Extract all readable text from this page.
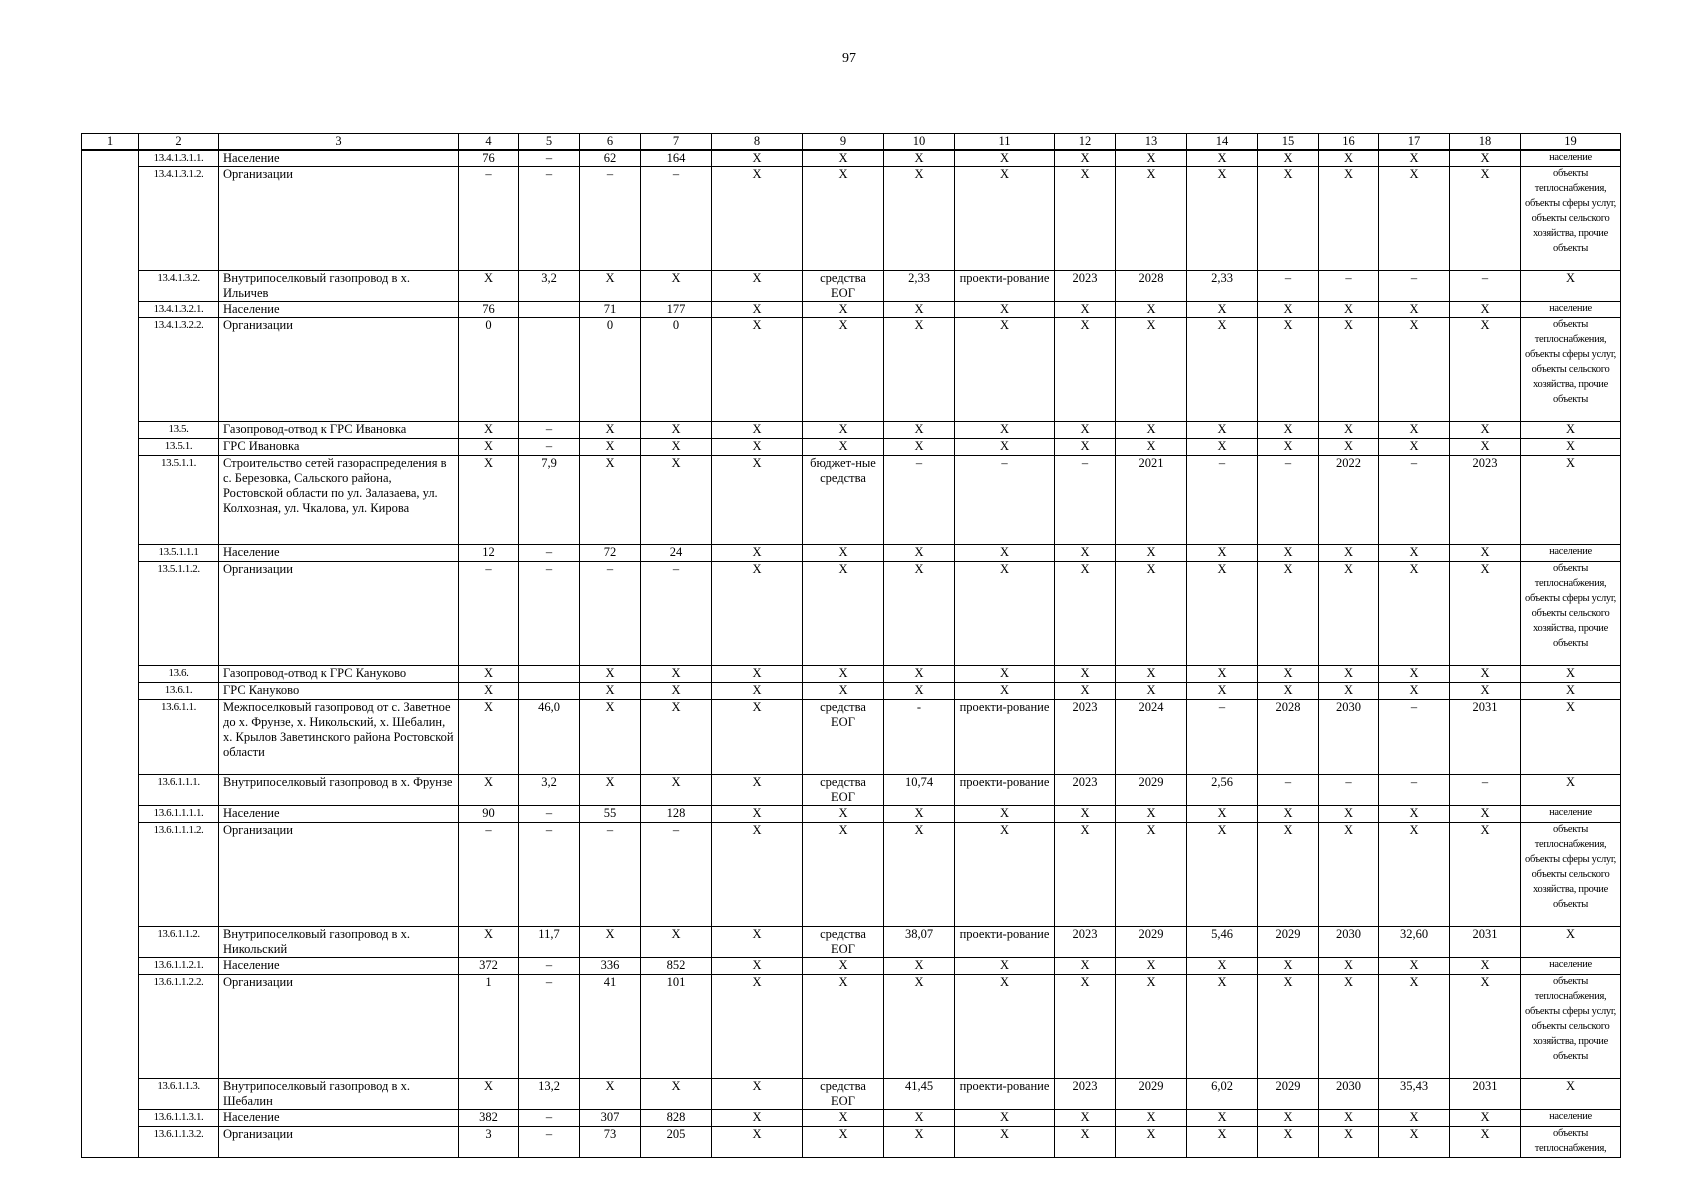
97
1	2	3	4	5	6	7	8	9	10	11	12	13	14	15	16	17	18	19
	13.4.1.3.1.1.	Население	76	–	62	164	X	X	X	X	X	X	X	X	X	X	X	население
	13.4.1.3.1.2.	Организации	–	–	–	–	X	X	X	X	X	X	X	X	X	X	X	объекты теплоснабжения, объекты сферы услуг, объекты сельского хозяйства, прочие объекты
	13.4.1.3.2.	Внутрипоселковый газопровод в х. Ильичев	X	3,2	X	X	X	средства ЕОГ	2,33	проекти-рование	2023	2028	2,33	–	–	–	–	X
	13.4.1.3.2.1.	Население	76		71	177	X	X	X	X	X	X	X	X	X	X	X	население
	13.4.1.3.2.2.	Организации	0		0	0	X	X	X	X	X	X	X	X	X	X	X	объекты теплоснабжения, объекты сферы услуг, объекты сельского хозяйства, прочие объекты
	13.5.	Газопровод-отвод к ГРС Ивановка	X	–	X	X	X	X	X	X	X	X	X	X	X	X	X	X
	13.5.1.	ГРС Ивановка	X	–	X	X	X	X	X	X	X	X	X	X	X	X	X	X
	13.5.1.1.	Строительство сетей газораспределения в с. Березовка, Сальского района, Ростовской области по ул. Залазаева, ул. Колхозная, ул. Чкалова, ул. Кирова	X	7,9	X	X	X	бюджет-ные средства	–	–	–	2021	–	–	2022	–	2023	X
	13.5.1.1.1	Население	12	–	72	24	X	X	X	X	X	X	X	X	X	X	X	население
	13.5.1.1.2.	Организации	–	–	–	–	X	X	X	X	X	X	X	X	X	X	X	объекты теплоснабжения, объекты сферы услуг, объекты сельского хозяйства, прочие объекты
	13.6.	Газопровод-отвод к ГРС Кануково	X		X	X	X	X	X	X	X	X	X	X	X	X	X	X
	13.6.1.	ГРС Кануково	X		X	X	X	X	X	X	X	X	X	X	X	X	X	X
	13.6.1.1.	Межпоселковый газопровод от с. Заветное до х. Фрунзе, х. Никольский, х. Шебалин, х. Крылов Заветинского района Ростовской области	X	46,0	X	X	X	средства ЕОГ	-	проекти-рование	2023	2024	–	2028	2030	–	2031	X
	13.6.1.1.1.	Внутрипоселковый газопровод в х. Фрунзе	X	3,2	X	X	X	средства ЕОГ	10,74	проекти-рование	2023	2029	2,56	–	–	–	–	X
	13.6.1.1.1.1.	Население	90	–	55	128	X	X	X	X	X	X	X	X	X	X	X	население
	13.6.1.1.1.2.	Организации	–	–	–	–	X	X	X	X	X	X	X	X	X	X	X	объекты теплоснабжения, объекты сферы услуг, объекты сельского хозяйства, прочие объекты
	13.6.1.1.2.	Внутрипоселковый газопровод в х. Никольский	X	11,7	X	X	X	средства ЕОГ	38,07	проекти-рование	2023	2029	5,46	2029	2030	32,60	2031	X
	13.6.1.1.2.1.	Население	372	–	336	852	X	X	X	X	X	X	X	X	X	X	X	население
	13.6.1.1.2.2.	Организации	1	–	41	101	X	X	X	X	X	X	X	X	X	X	X	объекты теплоснабжения, объекты сферы услуг, объекты сельского хозяйства, прочие объекты
	13.6.1.1.3.	Внутрипоселковый газопровод в х. Шебалин	X	13,2	X	X	X	средства ЕОГ	41,45	проекти-рование	2023	2029	6,02	2029	2030	35,43	2031	X
	13.6.1.1.3.1.	Население	382	–	307	828	X	X	X	X	X	X	X	X	X	X	X	население
	13.6.1.1.3.2.	Организации	3	–	73	205	X	X	X	X	X	X	X	X	X	X	X	объекты теплоснабжения,
